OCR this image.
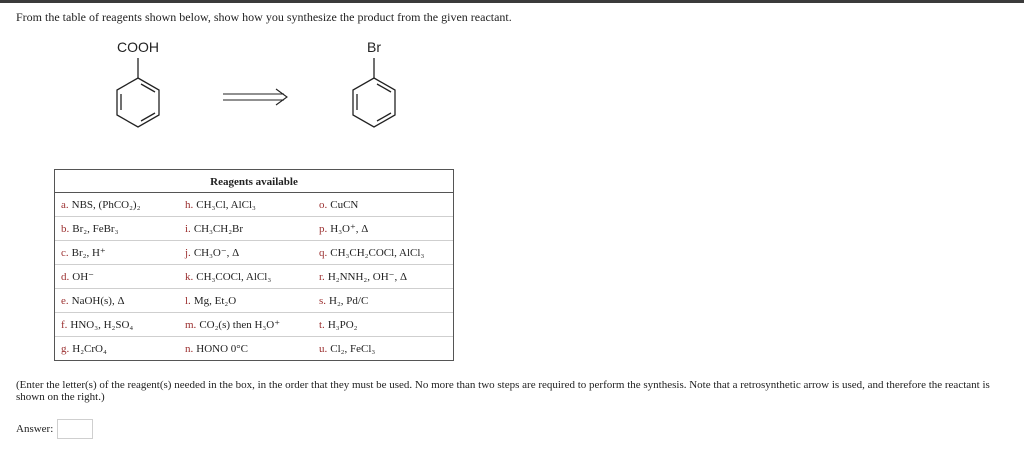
From the table of reagents shown below, show how you synthesize the product from the given reactant.
COOH	Br
Reagents available
a. NBS, (PhCO₂)₂	h. CH₃Cl, AlCl₃	o. CuCN
b. Br₂, FeBr₃	i. CH₃CH₂Br	p. H₃O⁺, Δ
c. Br₂, H⁺	j. CH₃O⁻, Δ	q. CH₃CH₂COCl, AlCl₃
d. OH⁻	k. CH₃COCl, AlCl₃	r. H₂NNH₂, OH⁻, Δ
e. NaOH(s), Δ	l. Mg, Et₂O	s. H₂, Pd/C
f. HNO₃, H₂SO₄	m. CO₂(s) then H₃O⁺	t. H₃PO₂
g. H₂CrO₄	n. HONO 0°C	u. Cl₂, FeCl₃
(Enter the letter(s) of the reagent(s) needed in the box, in the order that they must be used. No more than two steps are required to perform the synthesis. Note that a retrosynthetic arrow is used, and therefore the reactant is shown on the right.)
Answer:
